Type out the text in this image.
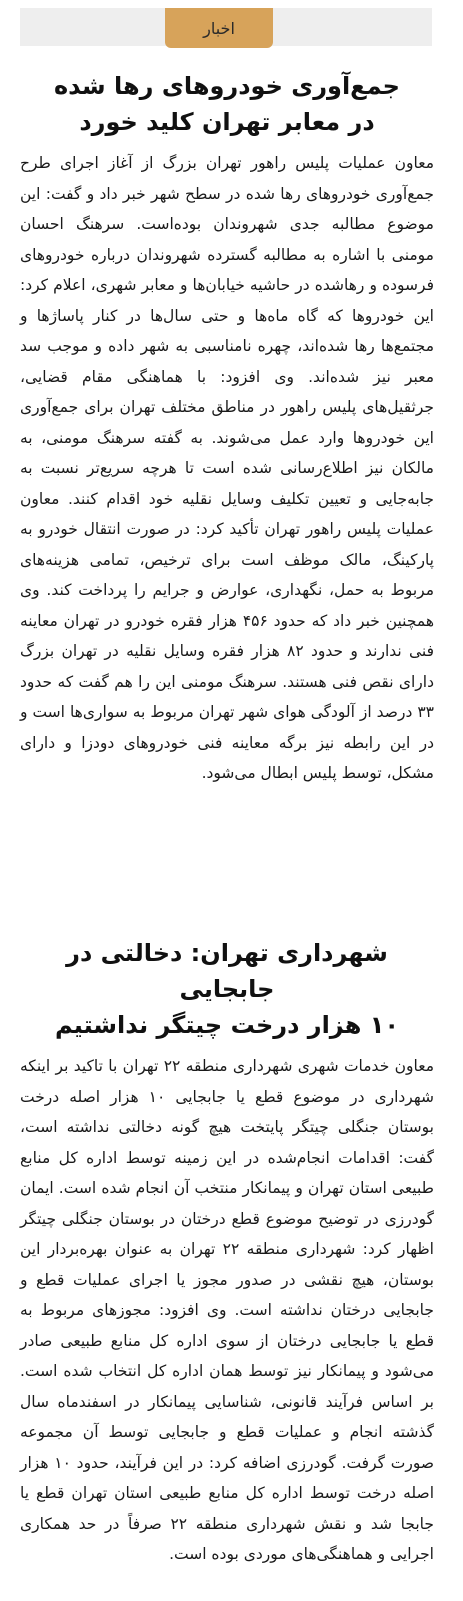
اخبار
جمع‌آوری خودروهای رها شده
در معابر تهران کلید خورد

معاون عملیات پلیس راهور تهران بزرگ از آغاز اجرای طرح جمع‌آوری خودروهای رها شده در سطح شهر خبر داد و گفت: این موضوع مطالبه جدی شهروندان بوده‌است. سرهنگ احسان مومنی با اشاره به مطالبه گسترده شهروندان درباره خودروهای فرسوده و رهاشده در حاشیه خیابان‌ها و معابر شهری، اعلام کرد: این خودروها که گاه ماه‌ها و حتی سال‌ها در کنار پاساژها و مجتمع‌ها رها شده‌اند، چهره نامناسبی به شهر داده و موجب سد معبر نیز شده‌اند. وی افزود: با هماهنگی مقام قضایی، جرثقیل‌های پلیس راهور در مناطق مختلف تهران برای جمع‌آوری این خودروها وارد عمل می‌شوند. به گفته سرهنگ مومنی، به مالکان نیز اطلاع‌رسانی شده است تا هرچه سریع‌تر نسبت به جابه‌جایی و تعیین تکلیف وسایل نقلیه خود اقدام کنند. معاون عملیات پلیس راهور تهران تأکید کرد: در صورت انتقال خودرو به پارکینگ، مالک موظف است برای ترخیص، تمامی هزینه‌های مربوط به حمل، نگهداری، عوارض و جرایم را پرداخت کند. وی همچنین خبر داد که حدود ۴۵۶ هزار فقره خودرو در تهران معاینه فنی ندارند و حدود ۸۲ هزار فقره وسایل نقلیه در تهران بزرگ دارای نقص فنی هستند. سرهنگ مومنی این را هم گفت که حدود ۳۳ درصد از آلودگی هوای شهر تهران مربوط به سواری‌ها است و در این رابطه نیز برگه معاینه فنی خودروهای دودزا و دارای مشکل، توسط پلیس ابطال می‌شود.

شهرداری تهران: دخالتی در جابجایی
۱۰ هزار درخت چیتگر نداشتیم

معاون خدمات شهری شهرداری منطقه ۲۲ تهران با تاکید بر اینکه شهرداری در موضوع قطع یا جابجایی ۱۰ هزار اصله درخت بوستان جنگلی چیتگر پایتخت هیچ گونه دخالتی نداشته است، گفت: اقدامات انجام‌شده در این زمینه توسط اداره کل منابع طبیعی استان تهران و پیمانکار منتخب آن انجام شده است. ایمان گودرزی در توضیح موضوع قطع درختان در بوستان جنگلی چیتگر اظهار کرد: شهرداری منطقه ۲۲ تهران به عنوان بهره‌بردار این بوستان، هیچ نقشی در صدور مجوز یا اجرای عملیات قطع و جابجایی درختان نداشته است. وی افزود: مجوزهای مربوط به قطع یا جابجایی درختان از سوی اداره کل منابع طبیعی صادر می‌شود و پیمانکار نیز توسط همان اداره کل انتخاب شده است. بر اساس فرآیند قانونی، شناسایی پیمانکار در اسفندماه سال گذشته انجام و عملیات قطع و جابجایی توسط آن مجموعه صورت گرفت. گودرزی اضافه کرد: در این فرآیند، حدود ۱۰ هزار اصله درخت توسط اداره کل منابع طبیعی استان تهران قطع یا جابجا شد و نقش شهرداری منطقه ۲۲ صرفاً در حد همکاری اجرایی و هماهنگی‌های موردی بوده است.
